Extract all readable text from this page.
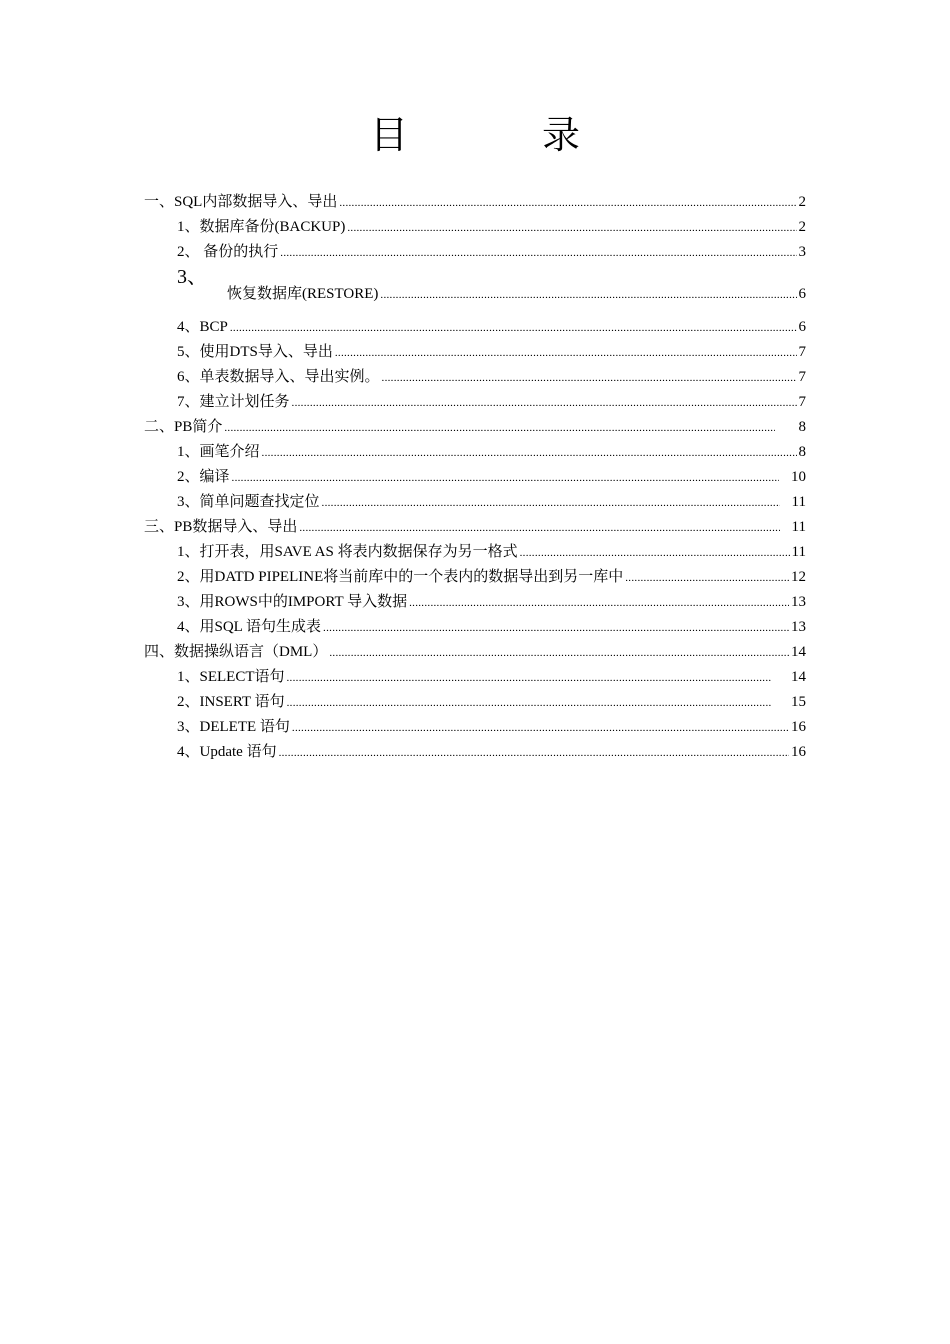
目　录
一、SQL内部数据导入、导出 .....	2
1、数据库备份(BACKUP) .....	2
2、 备份的执行 .....	3
3、
恢复数据库(RESTORE) .....	6
4、BCP .....	6
5、使用DTS导入、导出 .....	7
6、单表数据导入、导出实例。 .....	7
7、建立计划任务 .....	7
二、PB简介 .....	8
1、画笔介绍 .....	8
2、编译 .....	10
3、简单问题查找定位 .....	11
三、PB数据导入、导出 .....	11
1、打开表，用SAVE AS 将表内数据保存为另一格式 .....	11
2、用DATD PIPELINE将当前库中的一个表内的数据导出到另一库中 .....	12
3、用ROWS中的IMPORT 导入数据 .....	13
4、用SQL 语句生成表 .....	13
四、数据操纵语言（DML） .....	14
1、SELECT语句 .....	14
2、INSERT 语句 .....	15
3、DELETE 语句 .....	16
4、Update 语句 .....	16
